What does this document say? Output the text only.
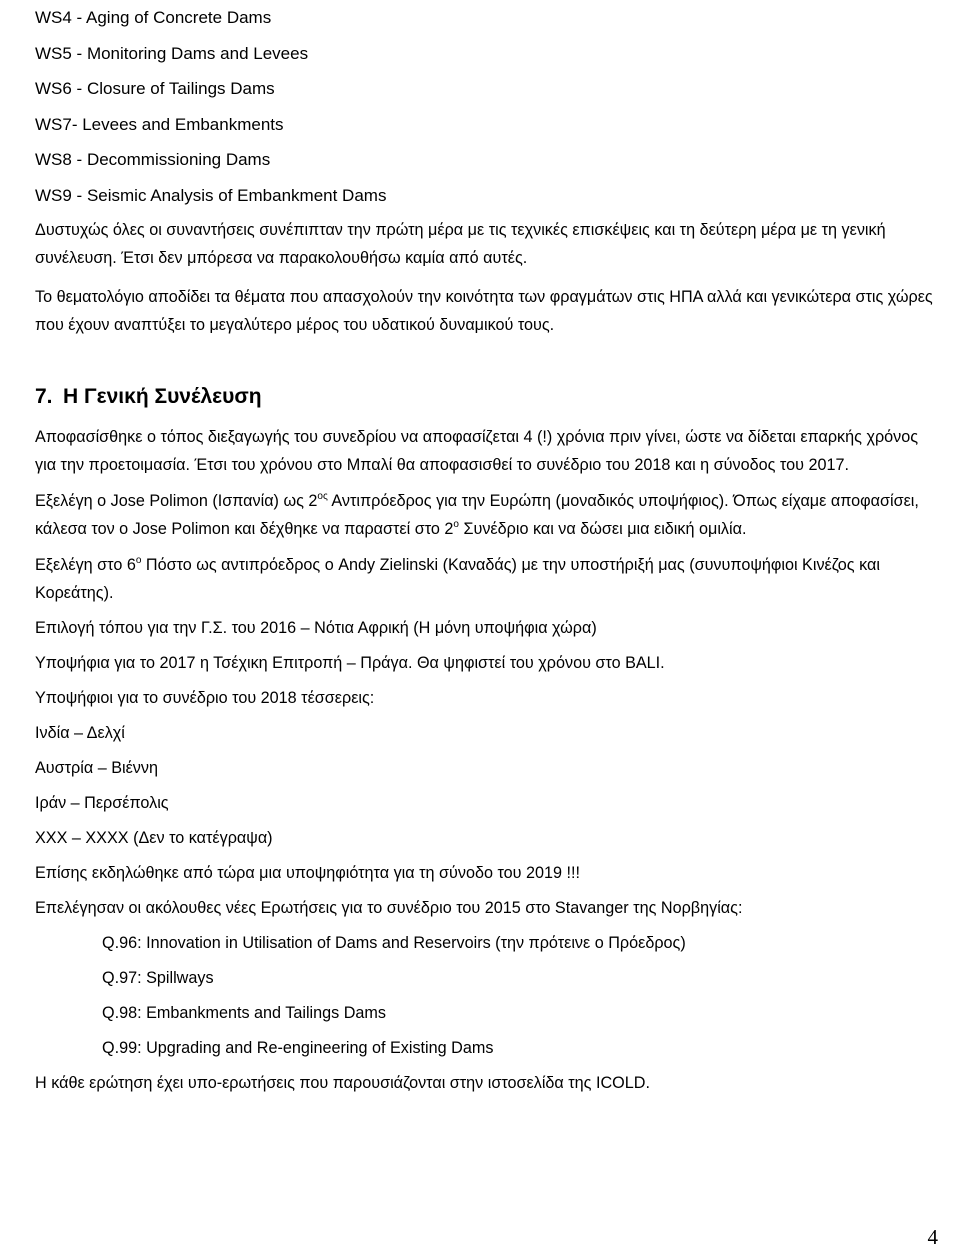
WS4 - Aging of Concrete Dams
WS5 - Monitoring Dams and Levees
WS6 - Closure of Tailings Dams
WS7- Levees and Embankments
WS8 - Decommissioning Dams
WS9 - Seismic Analysis of Embankment Dams

Δυστυχώς όλες οι συναντήσεις συνέπιπταν την πρώτη μέρα με τις τεχνικές επισκέψεις και τη δεύτερη μέρα με τη γενική συνέλευση. Έτσι δεν μπόρεσα να παρακολουθήσω καμία από αυτές.

Το θεματολόγιο αποδίδει τα θέματα που απασχολούν την κοινότητα των φραγμάτων στις ΗΠΑ αλλά και γενικώτερα στις χώρες που έχουν αναπτύξει το μεγαλύτερο μέρος του υδατικού δυναμικού τους.

7. Η Γενική Συνέλευση

Αποφασίσθηκε ο τόπος διεξαγωγής του συνεδρίου να αποφασίζεται 4 (!) χρόνια πριν γίνει, ώστε να δίδεται επαρκής χρόνος για την προετοιμασία. Έτσι του χρόνου στο Μπαλί θα αποφασισθεί το συνέδριο του 2018 και η σύνοδος του 2017.

Εξελέγη ο Jose Polimon (Ισπανία) ως $2^{o\varsigma}$ Αντιπρόεδρος για την Ευρώπη (μοναδικός υποψήφιος). Όπως είχαμε αποφασίσει, κάλεσα τον ο Jose Polimon και δέχθηκε να παραστεί στο $2^o$ Συνέδριο και να δώσει μια ειδική ομιλία.

Εξελέγη στο $6^o$ Πόστο ως αντιπρόεδρος ο Andy Zielinski (Καναδάς) με την υποστήριξή μας (συνυποψήφιοι Κινέζος και Κορεάτης).

Επιλογή τόπου για την Γ.Σ. του 2016 – Νότια Αφρική (Η μόνη υποψήφια χώρα)
Υποψήφια για το 2017 η Τσέχικη Επιτροπή – Πράγα. Θα ψηφιστεί του χρόνου στο BALI.
Υποψήφιοι για το συνέδριο του 2018 τέσσερεις:
Ινδία – Δελχί
Αυστρία – Βιέννη
Ιράν – Περσέπολις
ΧΧΧ – ΧΧΧΧ (Δεν το κατέγραψα)
Επίσης εκδηλώθηκε από τώρα μια υποψηφιότητα για τη σύνοδο του 2019 !!!
Επελέγησαν οι ακόλουθες νέες Ερωτήσεις για το συνέδριο του 2015 στο Stavanger της Νορβηγίας:
Q.96: Innovation in Utilisation of Dams and Reservoirs (την πρότεινε ο Πρόεδρος)
Q.97: Spillways
Q.98: Embankments and Tailings Dams
Q.99: Upgrading and Re-engineering of Existing Dams
Η κάθε ερώτηση έχει υπο-ερωτήσεις που παρουσιάζονται στην ιστοσελίδα της ICOLD.
4
